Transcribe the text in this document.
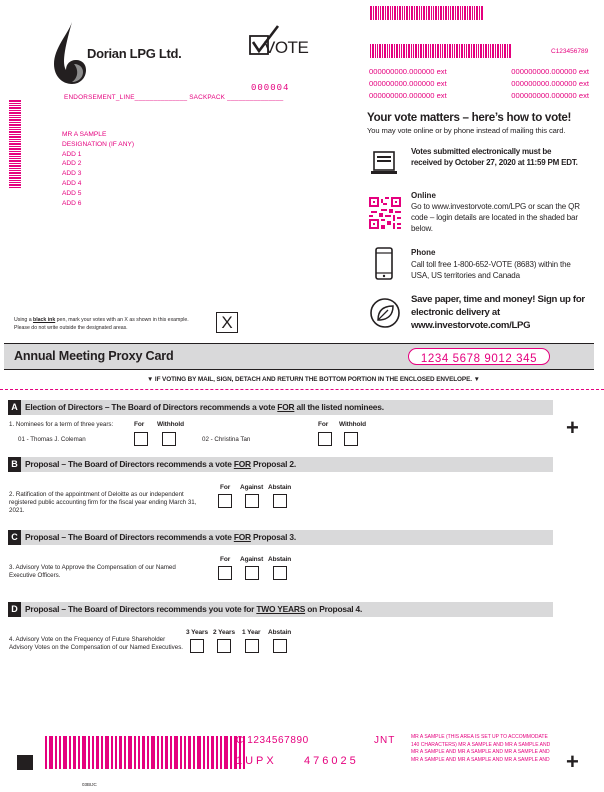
Dorian LPG Ltd.	VOTE	C123456789
000000000.000000 ext	000000000.000000 ext
000000000.000000 ext	000000000.000000 ext
000000000.000000 ext	000000000.000000 ext
000004
ENDORSEMENT_LINE______________ SACKPACK _______________
MR A SAMPLE
DESIGNATION (IF ANY)
ADD 1
ADD 2
ADD 3
ADD 4
ADD 5
ADD 6
Your vote matters – here’s how to vote!
You may vote online or by phone instead of mailing this card.
Votes submitted electronically must be received by October 27, 2020 at 11:59 PM EDT.
Online
Go to www.investorvote.com/LPG or scan the QR code – login details are located in the shaded bar below.
Phone
Call toll free 1-800-652-VOTE (8683) within the USA, US territories and Canada
Save paper, time and money! Sign up for electronic delivery at www.investorvote.com/LPG
Using a black ink pen, mark your votes with an X as shown in this example.
Please do not write outside the designated areas.	X
Annual Meeting Proxy Card	1234 5678 9012 345
▼ IF VOTING BY MAIL, SIGN, DETACH AND RETURN THE BOTTOM PORTION IN THE ENCLOSED ENVELOPE. ▼
A Election of Directors – The Board of Directors recommends a vote FOR all the listed nominees.
1. Nominees for a term of three years:	For Withhold
01 - Thomas J. Coleman
For Withhold
02 - Christina Tan	+
B Proposal – The Board of Directors recommends a vote FOR Proposal 2.
For Against Abstain
2. Ratification of the appointment of Deloitte as our independent registered public accounting firm for the fiscal year ending March 31, 2021.
C Proposal – The Board of Directors recommends a vote FOR Proposal 3.
For Against Abstain
3. Advisory Vote to Approve the Compensation of our Named Executive Officers.
D Proposal – The Board of Directors recommends you vote for TWO YEARS on Proposal 4.
3 Years 2 Years 1 Year Abstain
4. Advisory Vote on the Frequency of Future Shareholder Advisory Votes on the Compensation of our Named Executives.
C 1234567890	JNT
1UPX 476025
MR A SAMPLE (THIS AREA IS SET UP TO ACCOMMODATE 140 CHARACTERS) MR A SAMPLE AND MR A SAMPLE AND MR A SAMPLE AND MR A SAMPLE AND MR A SAMPLE AND MR A SAMPLE AND MR A SAMPLE AND MR A SAMPLE AND +
03BIJC
